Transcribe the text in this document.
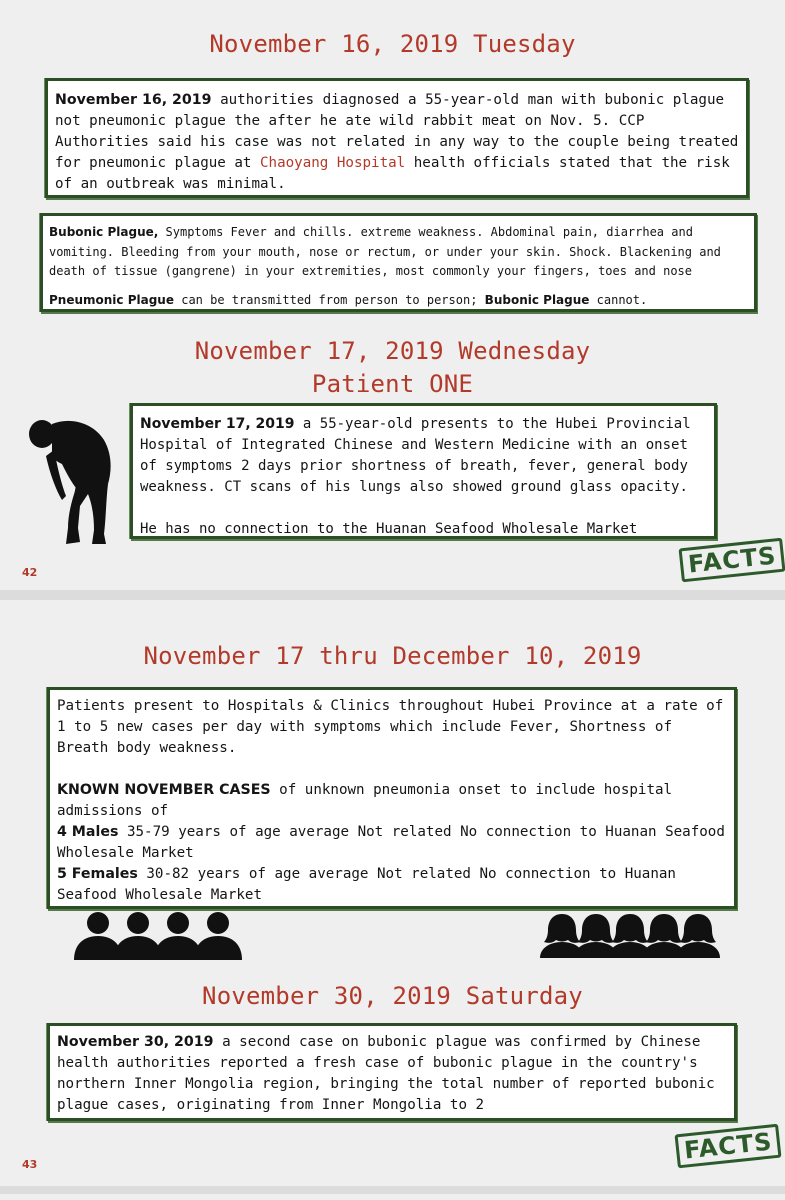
November 16, 2019 Tuesday

November 16, 2019 authorities diagnosed a 55-year-old man with bubonic plague not pneumonic plague the after he ate wild rabbit meat on Nov. 5. CCP Authorities said his case was not related in any way to the couple being treated for pneumonic plague at Chaoyang Hospital health officials stated that the risk of an outbreak was minimal.

Bubonic Plague, Symptoms Fever and chills. extreme weakness. Abdominal pain, diarrhea and vomiting. Bleeding from your mouth, nose or rectum, or under your skin. Shock. Blackening and death of tissue (gangrene) in your extremities, most commonly your fingers, toes and nose

Pneumonic Plague can be transmitted from person to person; Bubonic Plague cannot.

November 17, 2019 Wednesday
Patient ONE

November 17, 2019 a 55-year-old presents to the Hubei Provincial Hospital of Integrated Chinese and Western Medicine with an onset of symptoms 2 days prior shortness of breath, fever, general body weakness. CT scans of his lungs also showed ground glass opacity.

He has no connection to the Huanan Seafood Wholesale Market

FACTS
42
November 17 thru December 10, 2019

Patients present to Hospitals & Clinics throughout Hubei Province at a rate of 1 to 5 new cases per day with symptoms which include Fever, Shortness of Breath body weakness.

KNOWN NOVEMBER CASES of unknown pneumonia onset to include hospital admissions of

4 Males 35-79 years of age average Not related No connection to Huanan Seafood Wholesale Market

5 Females 30-82 years of age average Not related No connection to Huanan Seafood Wholesale Market

November 30, 2019 Saturday

November 30, 2019 a second case on bubonic plague was confirmed by Chinese health authorities reported a fresh case of bubonic plague in the country's northern Inner Mongolia region, bringing the total number of reported bubonic plague cases, originating from Inner Mongolia to 2

FACTS
43
